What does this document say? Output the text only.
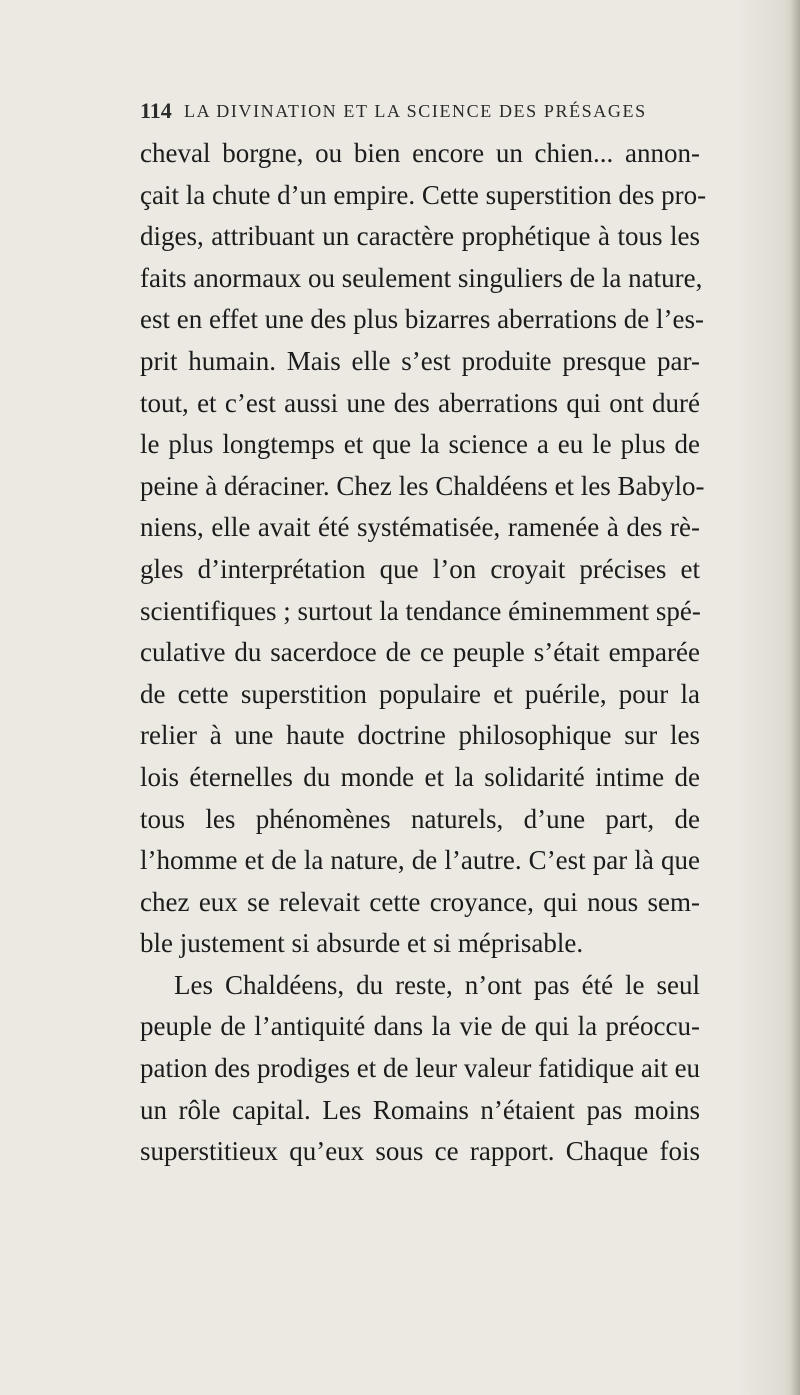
114 LA DIVINATION ET LA SCIENCE DES PRÉSAGES
cheval borgne, ou bien encore un chien... annon-
çait la chute d’un empire. Cette superstition des pro-
diges, attribuant un caractère prophétique à tous les
faits anormaux ou seulement singuliers de la nature,
est en effet une des plus bizarres aberrations de l’es-
prit humain. Mais elle s’est produite presque par-
tout, et c’est aussi une des aberrations qui ont duré
le plus longtemps et que la science a eu le plus de
peine à déraciner. Chez les Chaldéens et les Babylo-
niens, elle avait été systématisée, ramenée à des rè-
gles d’interprétation que l’on croyait précises et
scientifiques ; surtout la tendance éminemment spé-
culative du sacerdoce de ce peuple s’était emparée
de cette superstition populaire et puérile, pour la
relier à une haute doctrine philosophique sur les
lois éternelles du monde et la solidarité intime de
tous les phénomènes naturels, d’une part, de
l’homme et de la nature, de l’autre. C’est par là que
chez eux se relevait cette croyance, qui nous sem-
ble justement si absurde et si méprisable.
Les Chaldéens, du reste, n’ont pas été le seul
peuple de l’antiquité dans la vie de qui la préoccu-
pation des prodiges et de leur valeur fatidique ait eu
un rôle capital. Les Romains n’étaient pas moins
superstitieux qu’eux sous ce rapport. Chaque fois
